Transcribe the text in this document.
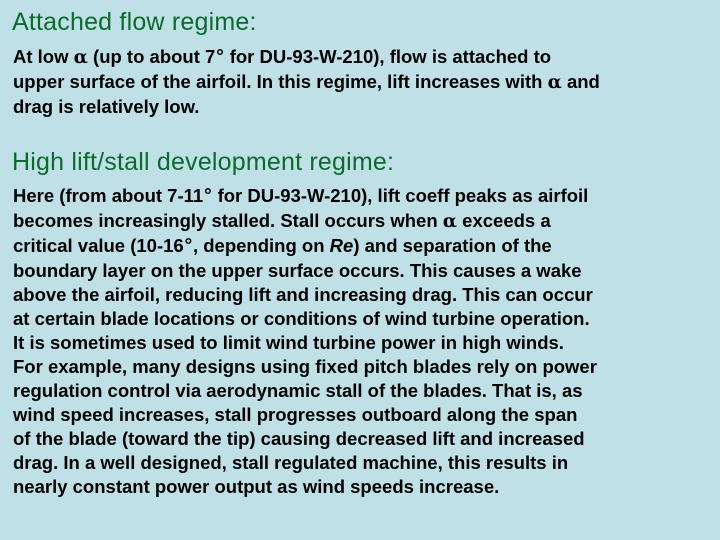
Attached flow regime:
At low α (up to about 7° for DU-93-W-210), flow is attached to
upper surface of the airfoil. In this regime, lift increases with α and
drag is relatively low.
High lift/stall development regime:
Here (from about 7-11° for DU-93-W-210), lift coeff peaks as airfoil
becomes increasingly stalled. Stall occurs when α exceeds a
critical value (10-16°, depending on Re) and separation of the
boundary layer on the upper surface occurs. This causes a wake
above the airfoil, reducing lift and increasing drag. This can occur
at certain blade locations or conditions of wind turbine operation.
It is sometimes used to limit wind turbine power in high winds.
For example, many designs using fixed pitch blades rely on power
regulation control via aerodynamic stall of the blades. That is, as
wind speed increases, stall progresses outboard along the span
of the blade (toward the tip) causing decreased lift and increased
drag. In a well designed, stall regulated machine, this results in
nearly constant power output as wind speeds increase.
